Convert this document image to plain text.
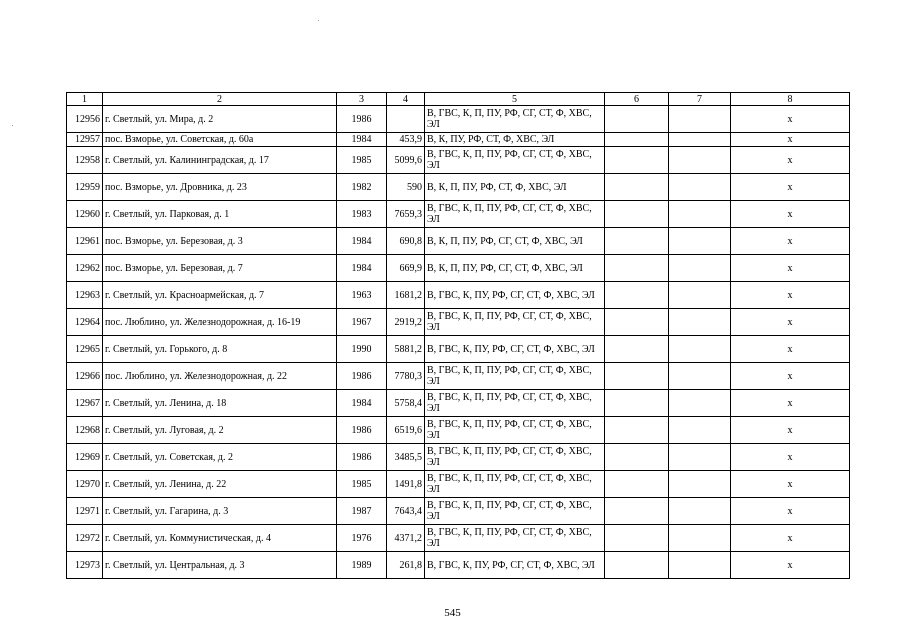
1	2	3	4	5	6	7	8
12956	г. Светлый, ул. Мира, д. 2	1986		В, ГВС, К, П, ПУ, РФ, СГ, СТ, Ф, ХВС, ЭЛ			х
12957	пос. Взморье, ул. Советская, д. 60а	1984	453,9	В, К, ПУ, РФ, СТ, Ф, ХВС, ЭЛ			х
12958	г. Светлый, ул. Калининградская, д. 17	1985	5099,6	В, ГВС, К, П, ПУ, РФ, СГ, СТ, Ф, ХВС, ЭЛ			х
12959	пос. Взморье, ул. Дровника, д. 23	1982	590	В, К, П, ПУ, РФ, СТ, Ф, ХВС, ЭЛ			х
12960	г. Светлый, ул. Парковая, д. 1	1983	7659,3	В, ГВС, К, П, ПУ, РФ, СГ, СТ, Ф, ХВС, ЭЛ			х
12961	пос. Взморье, ул. Березовая, д. 3	1984	690,8	В, К, П, ПУ, РФ, СГ, СТ, Ф, ХВС, ЭЛ			х
12962	пос. Взморье, ул. Березовая, д. 7	1984	669,9	В, К, П, ПУ, РФ, СГ, СТ, Ф, ХВС, ЭЛ			х
12963	г. Светлый, ул. Красноармейская, д. 7	1963	1681,2	В, ГВС, К, ПУ, РФ, СГ, СТ, Ф, ХВС, ЭЛ			х
12964	пос. Люблино, ул. Железнодорожная, д. 16-19	1967	2919,2	В, ГВС, К, П, ПУ, РФ, СГ, СТ, Ф, ХВС, ЭЛ			х
12965	г. Светлый, ул. Горького, д. 8	1990	5881,2	В, ГВС, К, ПУ, РФ, СГ, СТ, Ф, ХВС, ЭЛ			х
12966	пос. Люблино, ул. Железнодорожная, д. 22	1986	7780,3	В, ГВС, К, П, ПУ, РФ, СГ, СТ, Ф, ХВС, ЭЛ			х
12967	г. Светлый, ул. Ленина, д. 18	1984	5758,4	В, ГВС, К, П, ПУ, РФ, СГ, СТ, Ф, ХВС, ЭЛ			х
12968	г. Светлый, ул. Луговая, д. 2	1986	6519,6	В, ГВС, К, П, ПУ, РФ, СГ, СТ, Ф, ХВС, ЭЛ			х
12969	г. Светлый, ул. Советская, д. 2	1986	3485,5	В, ГВС, К, П, ПУ, РФ, СГ, СТ, Ф, ХВС, ЭЛ			х
12970	г. Светлый, ул. Ленина, д. 22	1985	1491,8	В, ГВС, К, П, ПУ, РФ, СГ, СТ, Ф, ХВС, ЭЛ			х
12971	г. Светлый, ул. Гагарина, д. 3	1987	7643,4	В, ГВС, К, П, ПУ, РФ, СГ, СТ, Ф, ХВС, ЭЛ			х
12972	г. Светлый, ул. Коммунистическая, д. 4	1976	4371,2	В, ГВС, К, П, ПУ, РФ, СГ, СТ, Ф, ХВС, ЭЛ			х
12973	г. Светлый, ул. Центральная, д. 3	1989	261,8	В, ГВС, К, ПУ, РФ, СГ, СТ, Ф, ХВС, ЭЛ			х
545
